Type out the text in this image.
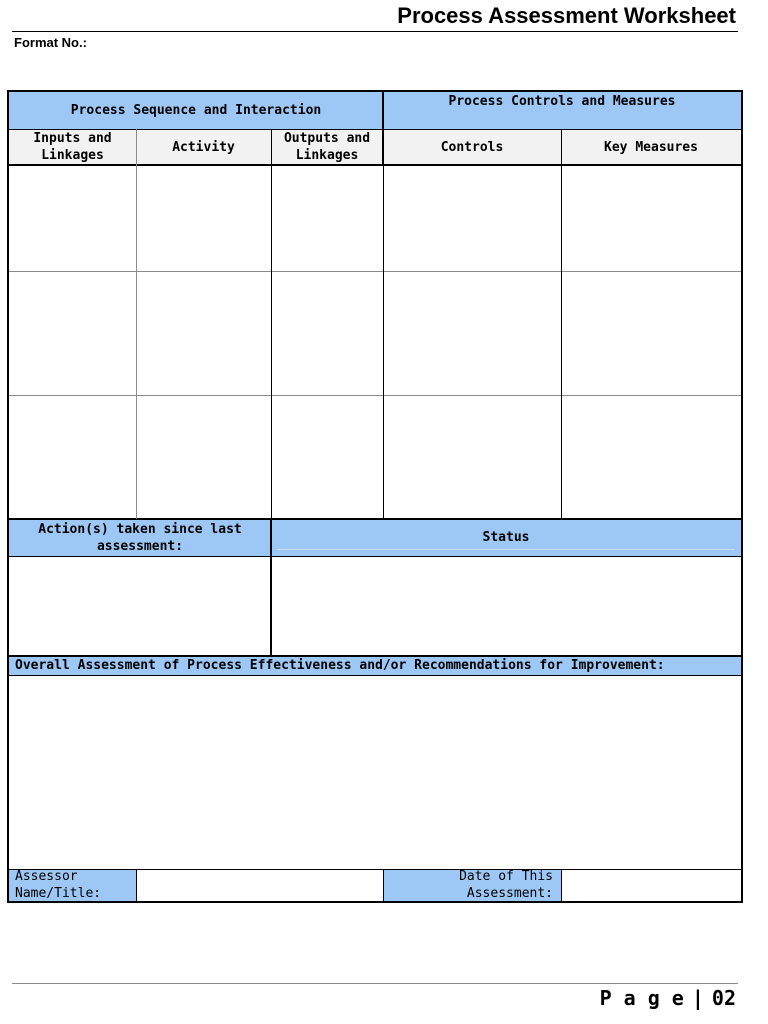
Process Assessment Worksheet
Format No.:
Process Sequence and Interaction
Process Controls and Measures
Inputs and Linkages
Activity
Outputs and Linkages
Controls	Key Measures
Action(s) taken since last assessment:
Status
Overall Assessment of Process Effectiveness and/or Recommendations for Improvement:
Assessor Name/Title:
Date of This Assessment:
P a g e | 02
